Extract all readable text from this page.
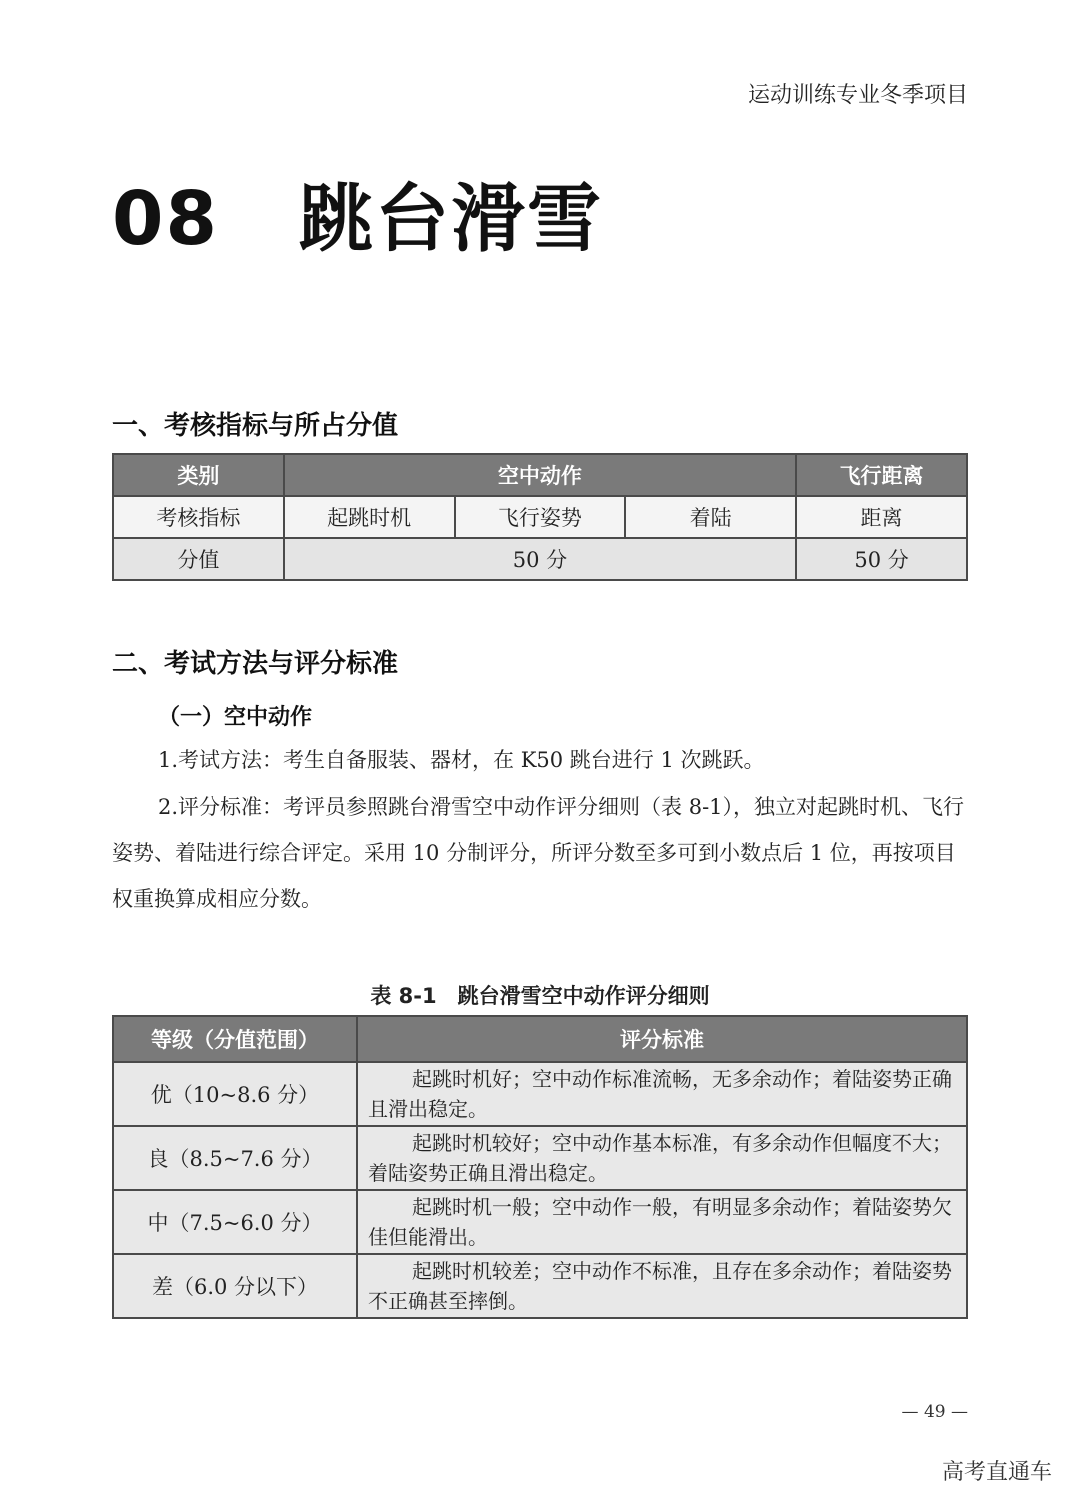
运动训练专业冬季项目
08 跳台滑雪
一、考核指标与所占分值
类别	空中动作			飞行距离
考核指标	起跳时机	飞行姿势	着陆	距离
分值	50 分			50 分
二、考试方法与评分标准
（一）空中动作
1.考试方法：考生自备服装、器材，在 K50 跳台进行 1 次跳跃。
2.评分标准：考评员参照跳台滑雪空中动作评分细则（表 8-1），独立对起跳时机、飞行姿势、着陆进行综合评定。采用 10 分制评分，所评分数至多可到小数点后 1 位，再按项目权重换算成相应分数。
表 8-1　跳台滑雪空中动作评分细则
等级（分值范围）	评分标准
优（10~8.6 分）	起跳时机好；空中动作标准流畅，无多余动作；着陆姿势正确且滑出稳定。
良（8.5~7.6 分）	起跳时机较好；空中动作基本标准，有多余动作但幅度不大；着陆姿势正确且滑出稳定。
中（7.5~6.0 分）	起跳时机一般；空中动作一般，有明显多余动作；着陆姿势欠佳但能滑出。
差（6.0 分以下）	起跳时机较差；空中动作不标准，且存在多余动作；着陆姿势不正确甚至摔倒。
— 49 —
高考直通车
